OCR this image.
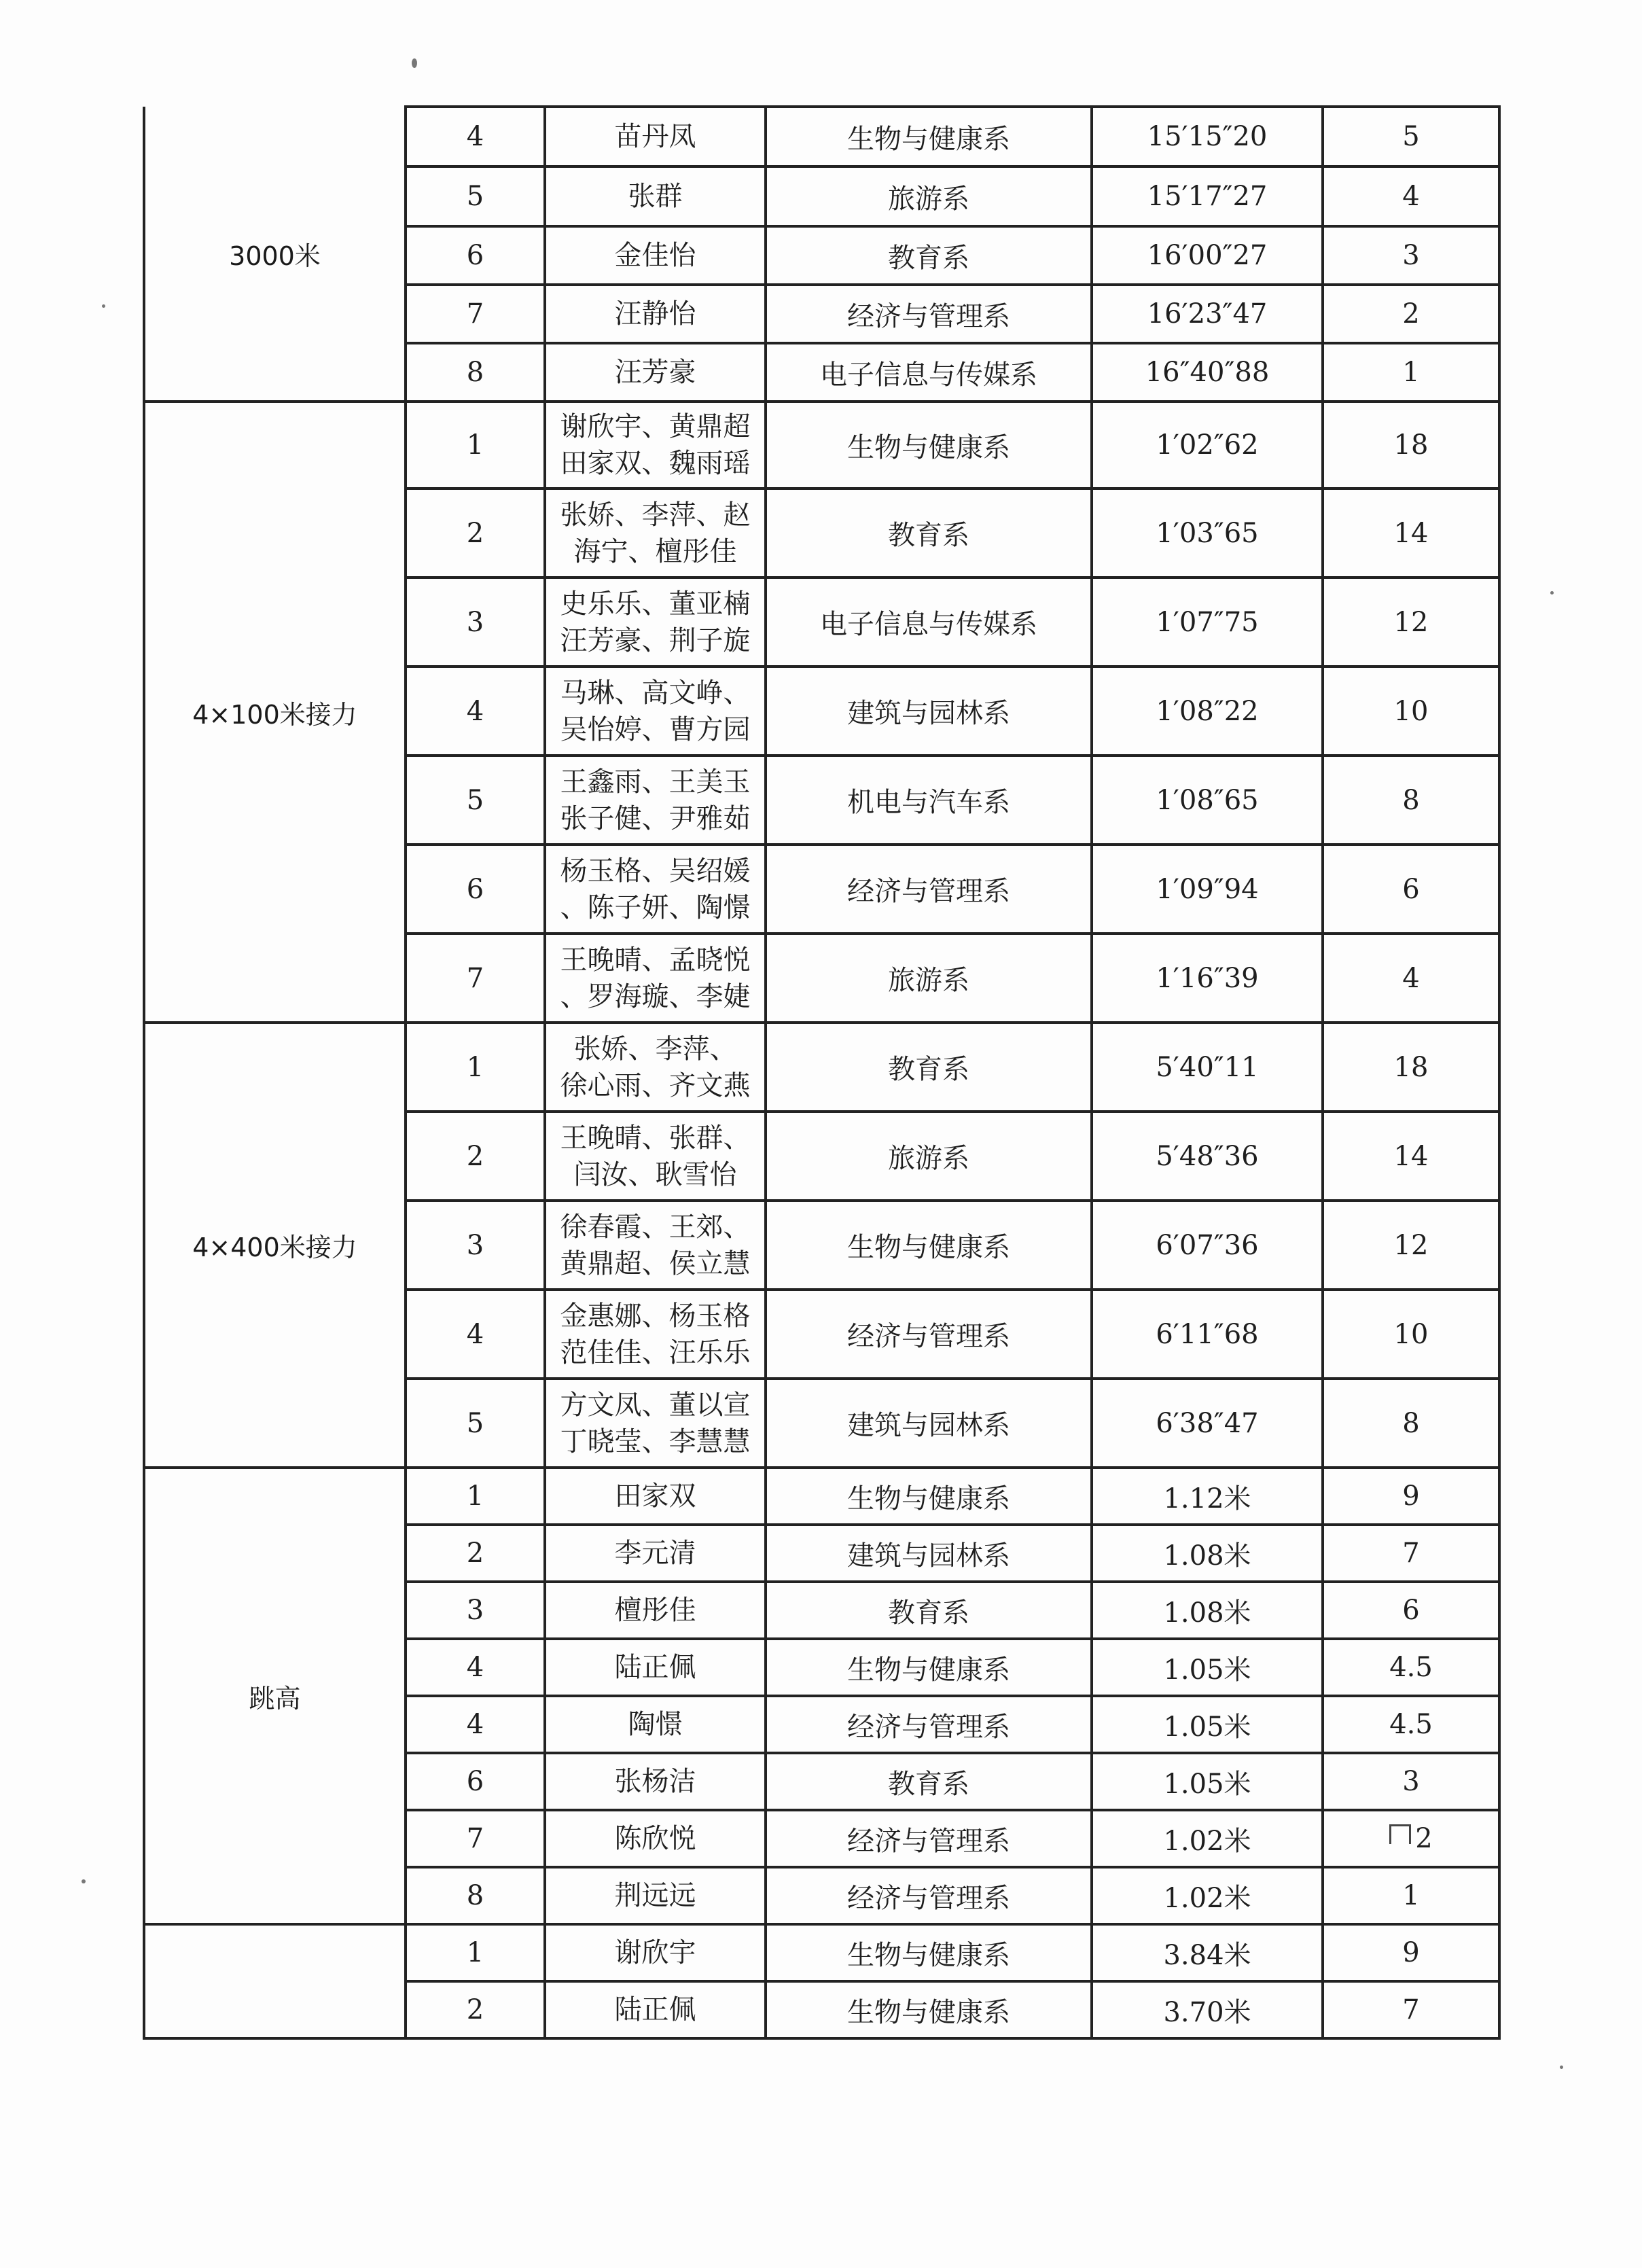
3000米	4	苗丹凤	生物与健康系	15′15″20	5
	5	张群	旅游系	15′17″27	4
	6	金佳怡	教育系	16′00″27	3
	7	汪静怡	经济与管理系	16′23″47	2
	8	汪芳豪	电子信息与传媒系	16″40″88	1
4×100米接力	1	谢欣宇、黄鼎超
田家双、魏雨瑶	生物与健康系	1′02″62	18
	2	张娇、李萍、赵
海宁、檀彤佳	教育系	1′03″65	14
	3	史乐乐、董亚楠
汪芳豪、荆子旋	电子信息与传媒系	1′07″75	12
	4	马琳、高文峥、
吴怡婷、曹方园	建筑与园林系	1′08″22	10
	5	王鑫雨、王美玉
张子健、尹雅茹	机电与汽车系	1′08″65	8
	6	杨玉格、吴绍媛
、陈子妍、陶憬	经济与管理系	1′09″94	6
	7	王晚晴、孟晓悦
、罗海璇、李婕	旅游系	1′16″39	4
4×400米接力	1	张娇、李萍、
徐心雨、齐文燕	教育系	5′40″11	18
	2	王晚晴、张群、
闫汝、耿雪怡	旅游系	5′48″36	14
	3	徐春霞、王郊、
黄鼎超、侯立慧	生物与健康系	6′07″36	12
	4	金惠娜、杨玉格
范佳佳、汪乐乐	经济与管理系	6′11″68	10
	5	方文凤、董以宣
丁晓莹、李慧慧	建筑与园林系	6′38″47	8
跳高	1	田家双	生物与健康系	1.12米	9
	2	李元清	建筑与园林系	1.08米	7
	3	檀彤佳	教育系	1.08米	6
	4	陆正佩	生物与健康系	1.05米	4.5
	4	陶憬	经济与管理系	1.05米	4.5
	6	张杨洁	教育系	1.05米	3
	7	陈欣悦	经济与管理系	1.02米	2
	8	荆远远	经济与管理系	1.02米	1
	1	谢欣宇	生物与健康系	3.84米	9
	2	陆正佩	生物与健康系	3.70米	7
